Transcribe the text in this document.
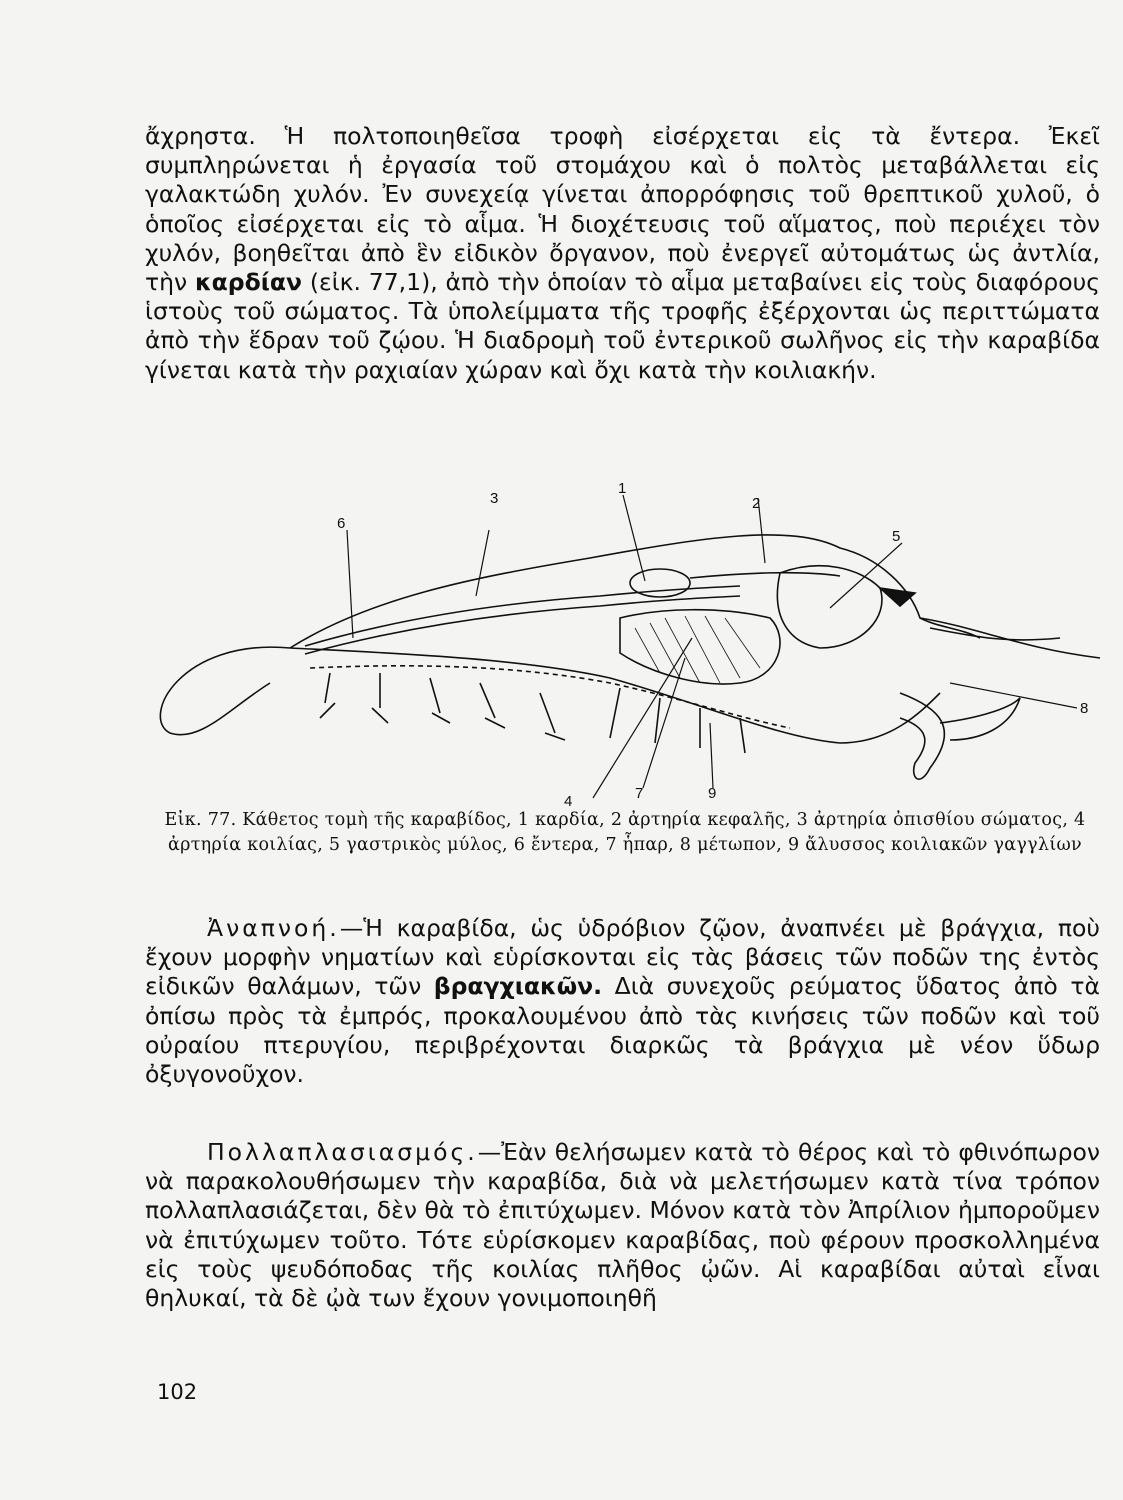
ἄχρηστα. Ἡ πολτοποιηθεῖσα τροφὴ εἰσέρχεται εἰς τὰ ἔντερα. Ἐκεῖ συμπληρώνεται ἡ ἐργασία τοῦ στομάχου καὶ ὁ πολτὸς μεταβάλλεται εἰς γαλακτώδη χυλόν. Ἐν συνεχείᾳ γίνεται ἀπορρόφησις τοῦ θρεπτικοῦ χυλοῦ, ὁ ὁποῖος εἰσέρχεται εἰς τὸ αἷμα. Ἡ διοχέτευσις τοῦ αἵματος, ποὺ περιέχει τὸν χυλόν, βοηθεῖται ἀπὸ ἓν εἰδικὸν ὄργανον, ποὺ ἐνεργεῖ αὐτομάτως ὡς ἀντλία, τὴν καρδίαν (εἰκ. 77,1), ἀπὸ τὴν ὁποίαν τὸ αἷμα μεταβαίνει εἰς τοὺς διαφόρους ἱστοὺς τοῦ σώματος. Τὰ ὑπολείμματα τῆς τροφῆς ἐξέρχονται ὡς περιττώματα ἀπὸ τὴν ἕδραν τοῦ ζῴου. Ἡ διαδρομὴ τοῦ ἐντερικοῦ σωλῆνος εἰς τὴν καραβίδα γίνεται κατὰ τὴν ραχιαίαν χώραν καὶ ὄχι κατὰ τὴν κοιλιακήν.
1
2
3
4
5
6
7
8
9
Εἰκ. 77. Κάθετος τομὴ τῆς καραβίδος, 1 καρδία, 2 ἀρτηρία κεφαλῆς, 3 ἀρτηρία ὀπισθίου σώματος, 4 ἀρτηρία κοιλίας, 5 γαστρικὸς μύλος, 6 ἔντερα, 7 ἧπαρ, 8 μέτωπον, 9 ἄλυσσος κοιλιακῶν γαγγλίων
Ἀναπνοή.—Ἡ καραβίδα, ὡς ὑδρόβιον ζῷον, ἀναπνέει μὲ βράγχια, ποὺ ἔχουν μορφὴν νηματίων καὶ εὑρίσκονται εἰς τὰς βάσεις τῶν ποδῶν της ἐντὸς εἰδικῶν θαλάμων, τῶν βραγχιακῶν. Διὰ συνεχοῦς ρεύματος ὕδατος ἀπὸ τὰ ὀπίσω πρὸς τὰ ἐμπρός, προκαλουμένου ἀπὸ τὰς κινήσεις τῶν ποδῶν καὶ τοῦ οὐραίου πτερυγίου, περιβρέχονται διαρκῶς τὰ βράγχια μὲ νέον ὕδωρ ὀξυγονοῦχον.
Πολλαπλασιασμός.—Ἐὰν θελήσωμεν κατὰ τὸ θέρος καὶ τὸ φθινόπωρον νὰ παρακολουθήσωμεν τὴν καραβίδα, διὰ νὰ μελετήσωμεν κατὰ τίνα τρόπον πολλαπλασιάζεται, δὲν θὰ τὸ ἐπιτύχωμεν. Μόνον κατὰ τὸν Ἀπρίλιον ἠμποροῦμεν νὰ ἐπιτύχωμεν τοῦτο. Τότε εὑρίσκομεν καραβίδας, ποὺ φέρουν προσκολλημένα εἰς τοὺς ψευδόποδας τῆς κοιλίας πλῆθος ᾠῶν. Αἱ καραβίδαι αὐταὶ εἶναι θηλυκαί, τὰ δὲ ᾠὰ των ἔχουν γονιμοποιηθῆ
102
